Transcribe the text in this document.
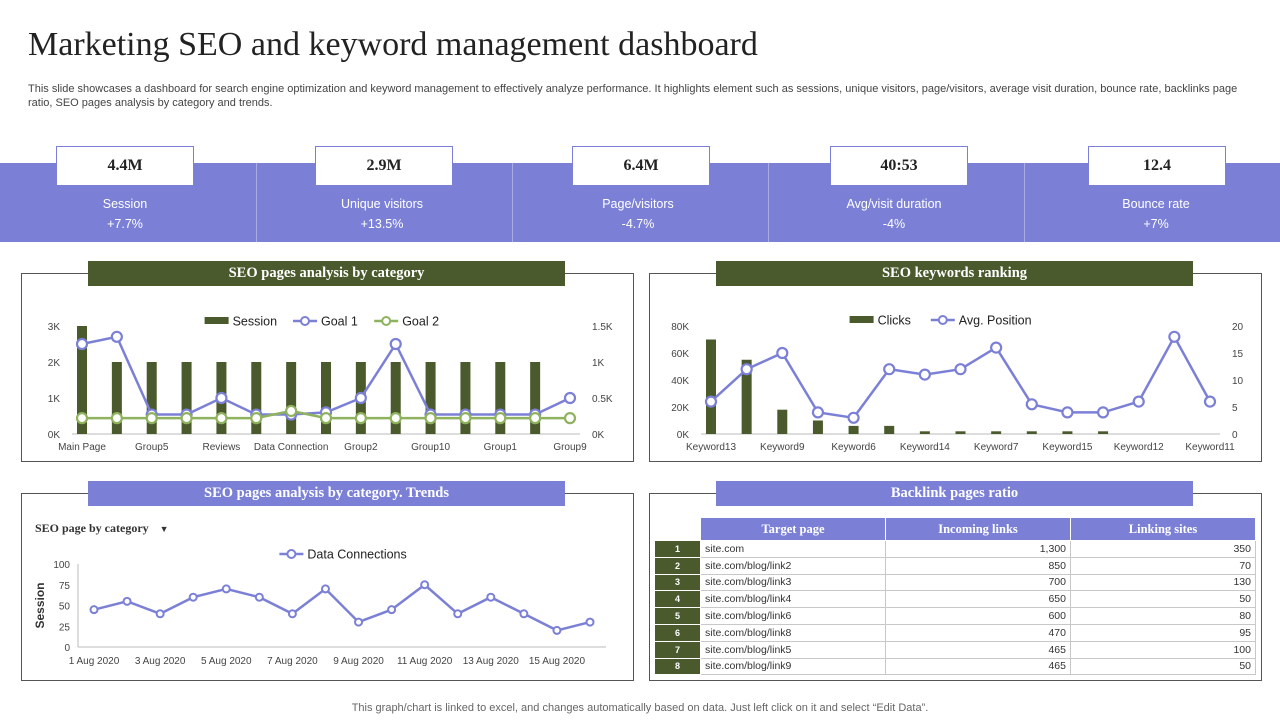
Marketing SEO and keyword management dashboard

This slide showcases a dashboard for search engine optimization and keyword management to effectively analyze performance. It highlights element such as sessions, unique visitors, page/visitors, average visit duration, bounce rate, backlinks page ratio, SEO pages analysis by category and trends.

4.4M
Session
+7.7%
2.9M
Unique visitors
+13.5%
6.4M
Page/visitors
-4.7%
40:53
Avg/visit duration
-4%
12.4
Bounce rate
+7%
SEO pages analysis by category
0K
1K
2K
3K
0K
0.5K
1K
1.5K
Main Page	Group5	Reviews Data Connection Group2	Group10	Group1	Group9
Session	Goal 1	Goal 2
SEO keywords ranking
0K
20K
40K
60K
80K
0
5
10
15
20
Keyword13 Keyword9	Keyword6 Keyword14 Keyword7 Keyword15 Keyword12 Keyword11
Clicks	Avg. Position
SEO pages analysis by category. Trends
SEO page by category ▼
0
25
50
75
100
Session
1 Aug 2020 3 Aug 2020 5 Aug 2020 7 Aug 2020 9 Aug 2020 11 Aug 2020 13 Aug 2020 15 Aug 2020
Data Connections
Backlink pages ratio
	Target page	Incoming links	Linking sites
1	site.com	1,300	350
2	site.com/blog/link2	850	70
3	site.com/blog/link3	700	130
4	site.com/blog/link4	650	50
5	site.com/blog/link6	600	80
6	site.com/blog/link8	470	95
7	site.com/blog/link5	465	100
8	site.com/blog/link9	465	50
This graph/chart is linked to excel, and changes automatically based on data. Just left click on it and select “Edit Data”.
